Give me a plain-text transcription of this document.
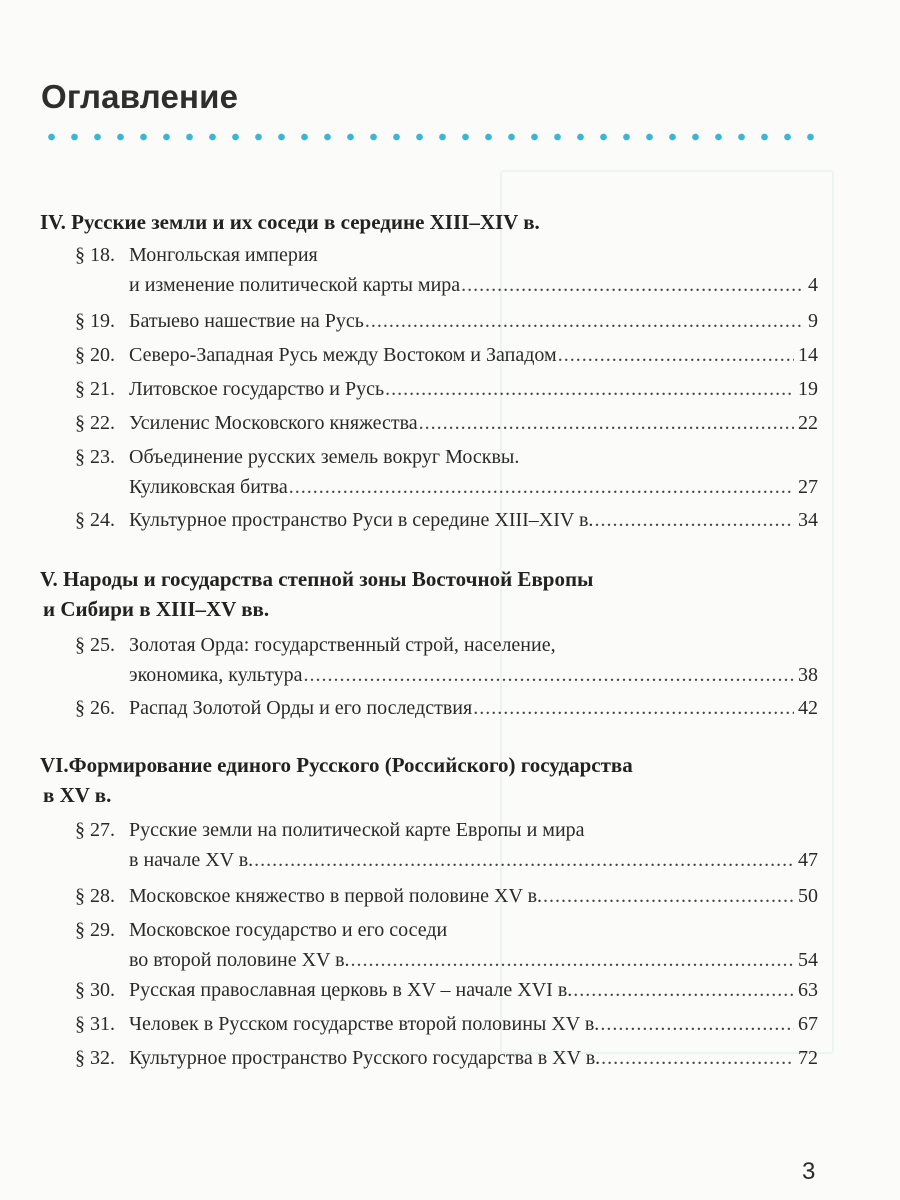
Оглавление
IV. Русские земли и их соседи в середине XIII–XIV в.
§ 18. Монгольская империя
и изменение политической карты мира .....	4
§ 19. Батыево нашествие на Русь .....	9
§ 20. Северо-Западная Русь между Востоком и Западом .....	14
§ 21. Литовское государство и Русь .....	19
§ 22. Усиленис Московского княжества .....	22
§ 23. Объединение русских земель вокруг Москвы.
Куликовская битва .....	27
§ 24. Культурное пространство Руси в середине XIII–XIV в. .....	34
V. Народы и государства степной зоны Восточной Европы
и Сибири в XIII–XV вв.
§ 25. Золотая Орда: государственный строй, население,
экономика, культура .....	38
§ 26. Распад Золотой Орды и его последствия .....	42
VI.Формирование единого Русского (Российского) государства
в XV в.
§ 27. Русские земли на политической карте Европы и мира
в начале XV в. .....	47
§ 28. Московское княжество в первой половине XV в. .....	50
§ 29. Московское государство и его соседи
во второй половине XV в. .....	54
§ 30. Русская православная церковь в XV – начале XVI в. .....	63
§ 31. Человек в Русском государстве второй половины XV в. .....	67
§ 32. Культурное пространство Русского государства в XV в. .....	72
3
